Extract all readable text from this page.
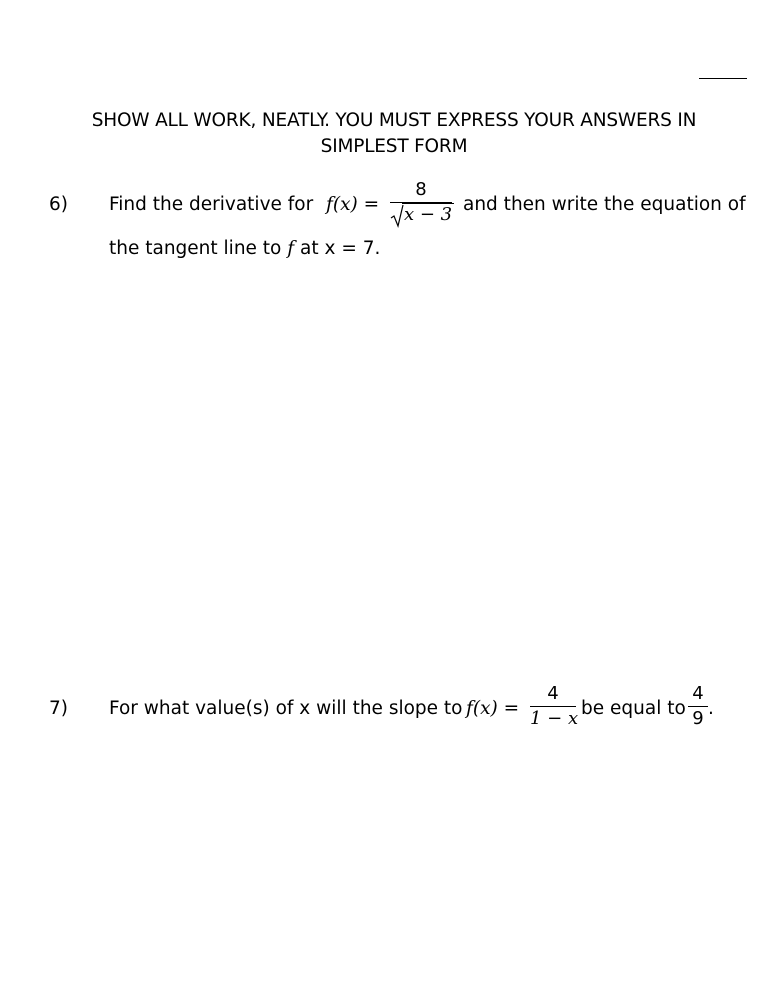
SHOW ALL WORK, NEATLY. YOU MUST EXPRESS YOUR ANSWERS IN
SIMPLEST FORM
6) Find the derivative for f(x) =
8
x − 3 and then write the equation of
the tangent line to f at x = 7.
7) For what value(s) of x will the slope to f(x) =
4
1 − x be equal to
4
9 .
